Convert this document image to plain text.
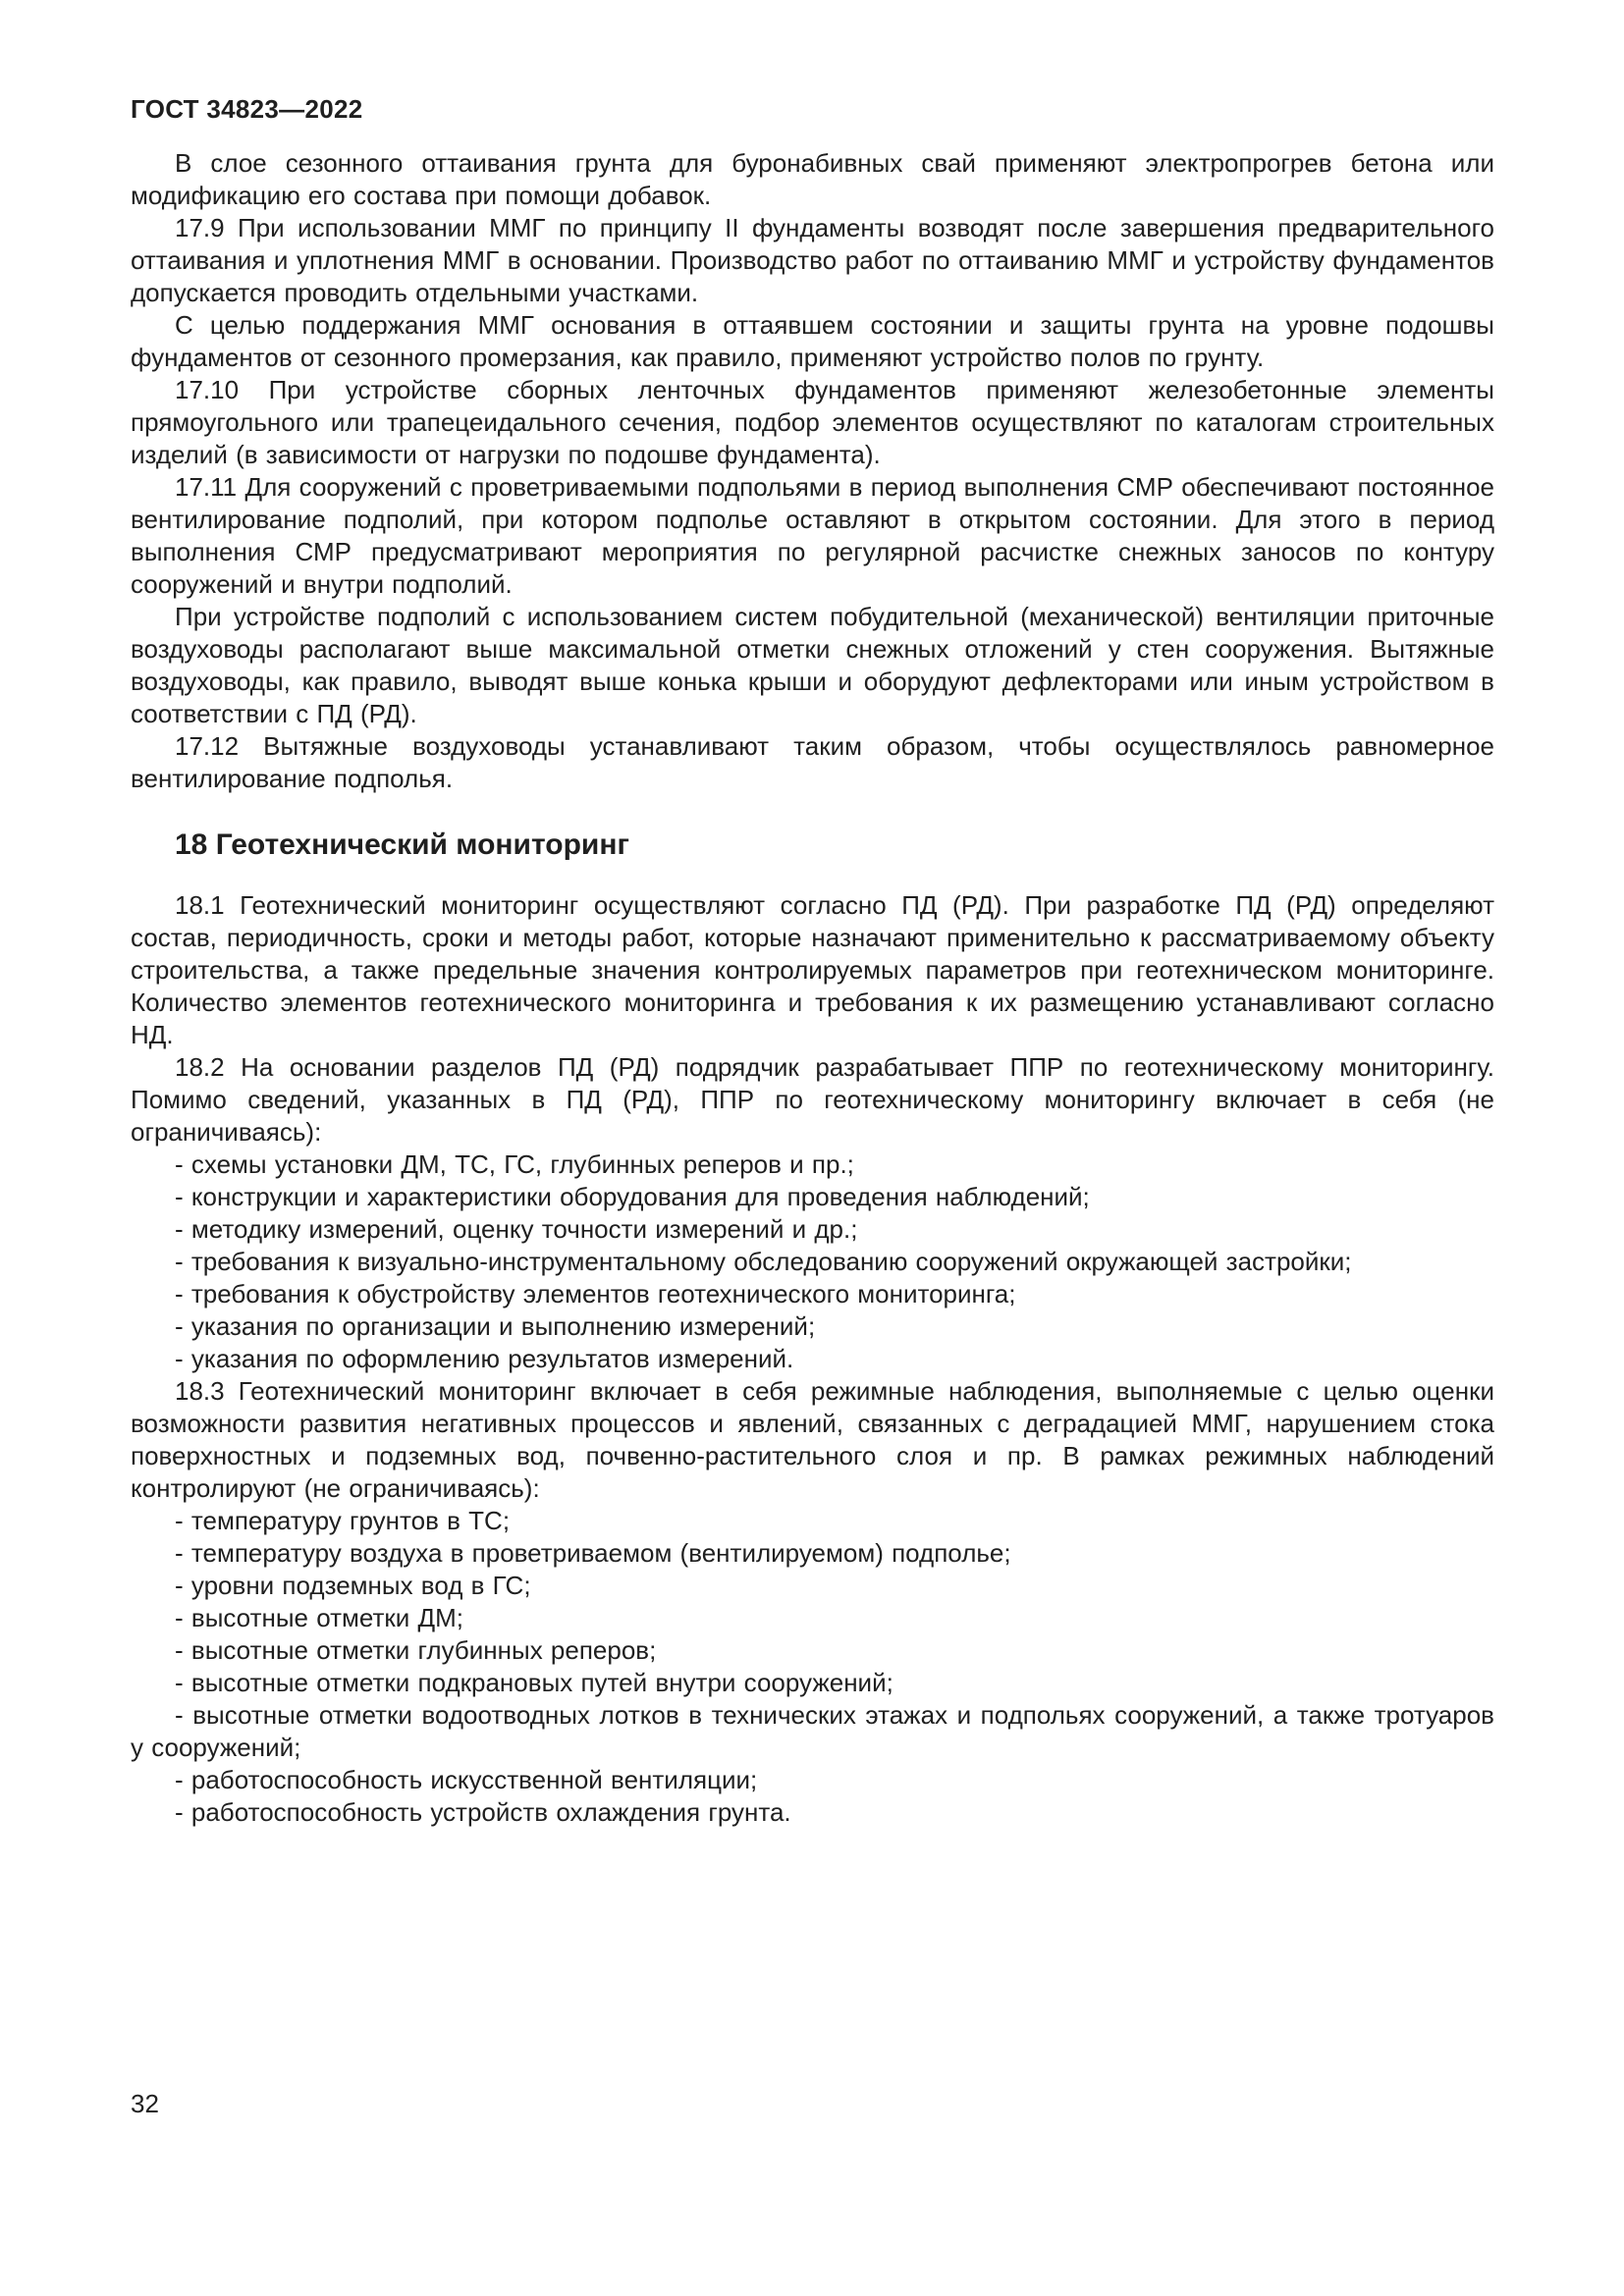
ГОСТ 34823—2022

В слое сезонного оттаивания грунта для буронабивных свай применяют электропрогрев бетона или модификацию его состава при помощи добавок.

17.9 При использовании ММГ по принципу II фундаменты возводят после завершения предварительного оттаивания и уплотнения ММГ в основании. Производство работ по оттаиванию ММГ и устройству фундаментов допускается проводить отдельными участками.

С целью поддержания ММГ основания в оттаявшем состоянии и защиты грунта на уровне подошвы фундаментов от сезонного промерзания, как правило, применяют устройство полов по грунту.

17.10 При устройстве сборных ленточных фундаментов применяют железобетонные элементы прямоугольного или трапецеидального сечения, подбор элементов осуществляют по каталогам строительных изделий (в зависимости от нагрузки по подошве фундамента).

17.11 Для сооружений с проветриваемыми подпольями в период выполнения СМР обеспечивают постоянное вентилирование подполий, при котором подполье оставляют в открытом состоянии. Для этого в период выполнения СМР предусматривают мероприятия по регулярной расчистке снежных заносов по контуру сооружений и внутри подполий.

При устройстве подполий с использованием систем побудительной (механической) вентиляции приточные воздуховоды располагают выше максимальной отметки снежных отложений у стен сооружения. Вытяжные воздуховоды, как правило, выводят выше конька крыши и оборудуют дефлекторами или иным устройством в соответствии с ПД (РД).

17.12 Вытяжные воздуховоды устанавливают таким образом, чтобы осуществлялось равномерное вентилирование подполья.

18 Геотехнический мониторинг

18.1 Геотехнический мониторинг осуществляют согласно ПД (РД). При разработке ПД (РД) определяют состав, периодичность, сроки и методы работ, которые назначают применительно к рассматриваемому объекту строительства, а также предельные значения контролируемых параметров при геотехническом мониторинге. Количество элементов геотехнического мониторинга и требования к их размещению устанавливают согласно НД.

18.2 На основании разделов ПД (РД) подрядчик разрабатывает ППР по геотехническому мониторингу. Помимо сведений, указанных в ПД (РД), ППР по геотехническому мониторингу включает в себя (не ограничиваясь):

- схемы установки ДМ, ТС, ГС, глубинных реперов и пр.;

- конструкции и характеристики оборудования для проведения наблюдений;

- методику измерений, оценку точности измерений и др.;

- требования к визуально-инструментальному обследованию сооружений окружающей застройки;

- требования к обустройству элементов геотехнического мониторинга;

- указания по организации и выполнению измерений;

- указания по оформлению результатов измерений.

18.3 Геотехнический мониторинг включает в себя режимные наблюдения, выполняемые с целью оценки возможности развития негативных процессов и явлений, связанных с деградацией ММГ, нарушением стока поверхностных и подземных вод, почвенно-растительного слоя и пр. В рамках режимных наблюдений контролируют (не ограничиваясь):

- температуру грунтов в ТС;

- температуру воздуха в проветриваемом (вентилируемом) подполье;

- уровни подземных вод в ГС;

- высотные отметки ДМ;

- высотные отметки глубинных реперов;

- высотные отметки подкрановых путей внутри сооружений;

- высотные отметки водоотводных лотков в технических этажах и подпольях сооружений, а также тротуаров у сооружений;

- работоспособность искусственной вентиляции;

- работоспособность устройств охлаждения грунта.

32
